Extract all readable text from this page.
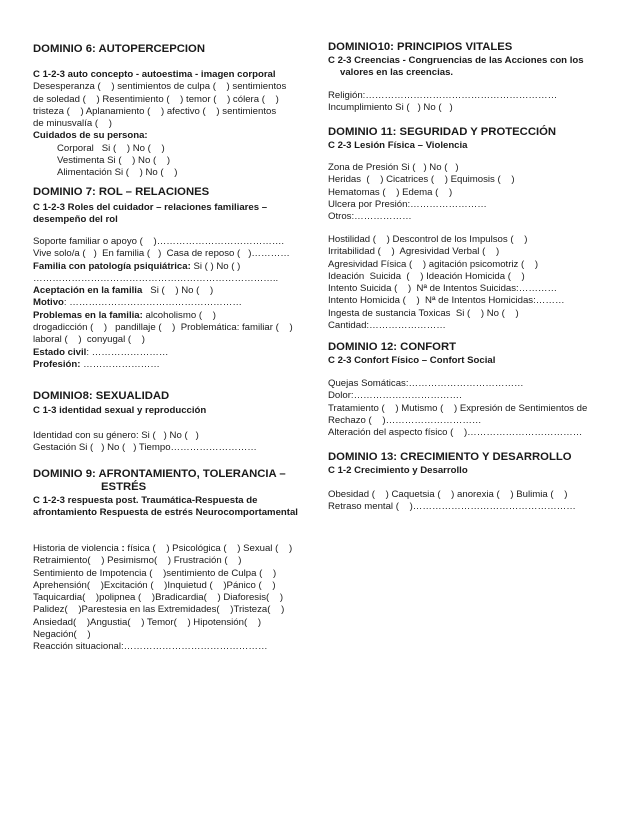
DOMINIO 6: AUTOPERCEPCION

C 1-2-3 auto concepto - autoestima - imagen corporal

Desesperanza (    ) sentimientos de culpa (    ) sentimientos

de soledad (    ) Resentimiento (    ) temor (    ) cólera (    )

tristeza (    ) Aplanamiento (    ) afectivo (    ) sentimientos

de minusvalía (    )

Cuidados de su persona:

Corporal   Si (    ) No (    )

Vestimenta Si (    ) No (    )

Alimentación Si (    ) No (    )

DOMINIO 7: ROL – RELACIONES

C 1-2-3 Roles del cuidador – relaciones familiares – desempeño del rol

Soporte familiar o apoyo (    )………………………………….

Vive solo/a (   )  En familia (   )  Casa de reposo (   )…………

Familia con patología psiquiátrica: Si ( ) No ( )

…………………………………………………………………..

Aceptación en la familia   Si (    ) No (    )

Motivo: ………………………………………………

Problemas en la familia: alcoholismo (    )

drogadicción (    )   pandillaje (    )  Problemática: familiar (    )

laboral (    )  conyugal (    )

Estado civil: ……………………

Profesión: ……………………

DOMINIO8: SEXUALIDAD

C 1-3 identidad sexual y reproducción

Identidad con su género: Si (   ) No (   )

Gestación Si (   ) No (   ) Tiempo………………………

DOMINIO 9: AFRONTAMIENTO, TOLERANCIA –

ESTRÉS

C 1-2-3 respuesta post. Traumática-Respuesta de afrontamiento Respuesta de estrés Neurocomportamental

Historia de violencia : física (    ) Psicológica (    ) Sexual (    )

Retraimiento(    ) Pesimismo(    ) Frustración (    )

Sentimiento de Impotencia (    )sentimiento de Culpa (    )

Aprehensión(    )Excitación (    )Inquietud (    )Pánico (    )

Taquicardia(    )polipnea (    )Bradicardia(    ) Diaforesis(    )

Palidez(    )Parestesia en las Extremidades(    )Tristeza(    )

Ansiedad(    )Angustia(    ) Temor(    ) Hipotensión(    )

Negación(    )

Reacción situacional:………………………………………

DOMINIO10: PRINCIPIOS VITALES

C 2-3 Creencias - Congruencias de las Acciones con los valores en las creencias.

Religión:……………………………………………………

Incumplimiento Si (   ) No (   )

DOMINIO 11: SEGURIDAD Y PROTECCIÓN

C 2-3 Lesión Física – Violencia

Zona de Presión Si (   ) No (   )

Heridas  (    ) Cicatrices (    ) Equimosis (    )

Hematomas (    ) Edema (    )

Ulcera por Presión:……………………

Otros:………………

Hostilidad (    ) Descontrol de los Impulsos (    )

Irritabilidad (    )  Agresividad Verbal (    )

Agresividad Física (    ) agitación psicomotriz (    )

Ideación  Suicida  (    ) Ideación Homicida (    )

Intento Suicida (    )  Nª de Intentos Suicidas:…………

Intento Homicida (    )  Nª de Intentos Homicidas:………

Ingesta de sustancia Toxicas  Si (    ) No (    )

Cantidad:……………………

DOMINIO 12: CONFORT

C 2-3 Confort Físico – Confort Social

Quejas Somáticas:………………………………

Dolor:…………………………….

Tratamiento (    ) Mutismo (    ) Expresión de Sentimientos de

Rechazo (    )…………………………

Alteración del aspecto físico (    )………………………………

DOMINIO 13: CRECIMIENTO Y DESARROLLO

C 1-2 Crecimiento y Desarrollo

Obesidad (    ) Caquetsia (    ) anorexia (    ) Bulimia (    )

Retraso mental (    )……………………………………………
